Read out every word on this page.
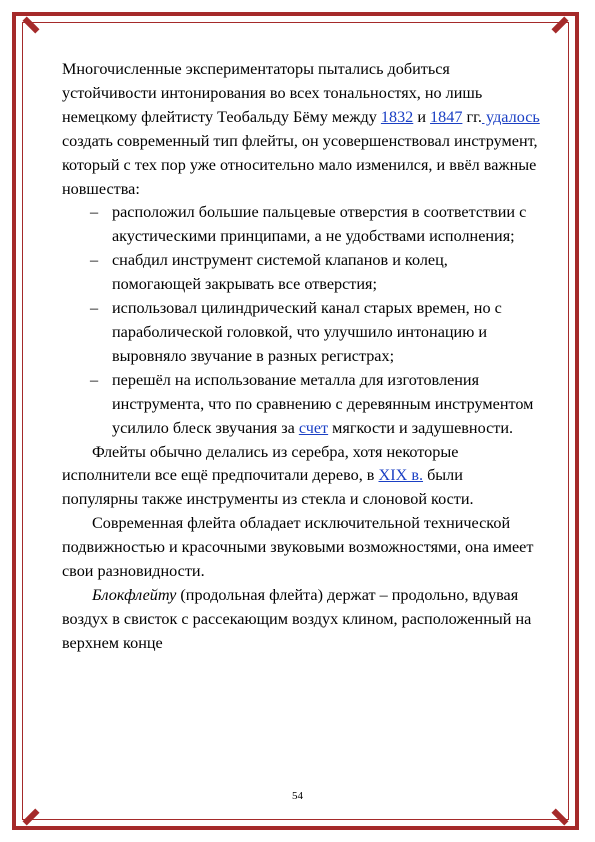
Многочисленные экспериментаторы пытались добиться устойчивости интонирования во всех тональностях, но лишь немецкому флейтисту Теобальду Бёму между 1832 и 1847 гг. удалось создать современный тип флейты, он усовершенствовал инструмент, который с тех пор уже относительно мало изменился, и ввёл важные новшества:

– расположил большие пальцевые отверстия в соответствии с акустическими принципами, а не удобствами исполнения;
– снабдил инструмент системой клапанов и колец, помогающей закрывать все отверстия;
– использовал цилиндрический канал старых времен, но с параболической головкой, что улучшило интонацию и выровняло звучание в разных регистрах;
– перешёл на использование металла для изготовления инструмента, что по сравнению с деревянным инструментом усилило блеск звучания за счет мягкости и задушевности.

Флейты обычно делались из серебра, хотя некоторые исполнители все ещё предпочитали дерево, в XIX в. были популярны также инструменты из стекла и слоновой кости.

Современная флейта обладает исключительной технической подвижностью и красочными звуковыми возможностями, она имеет свои разновидности.

Блокфлейту (продольная флейта) держат – продольно, вдувая воздух в свисток с рассекающим воздух клином, расположенный на верхнем конце

54
